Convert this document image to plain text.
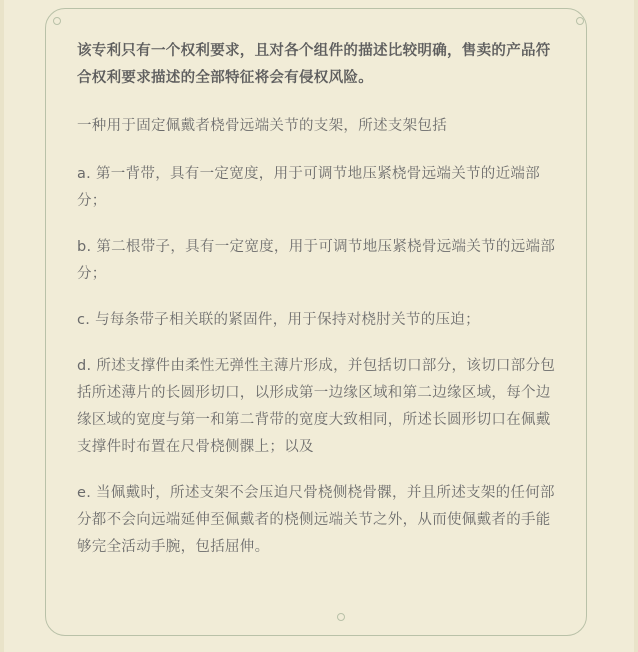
该专利只有一个权利要求，且对各个组件的描述比较明确，售卖的产品符合权利要求描述的全部特征将会有侵权风险。

一种用于固定佩戴者桡骨远端关节的支架，所述支架包括

a. 第一背带，具有一定宽度，用于可调节地压紧桡骨远端关节的近端部分；

b. 第二根带子，具有一定宽度，用于可调节地压紧桡骨远端关节的远端部分；

c. 与每条带子相关联的紧固件，用于保持对桡肘关节的压迫；

d. 所述支撑件由柔性无弹性主薄片形成，并包括切口部分，该切口部分包括所述薄片的长圆形切口，以形成第一边缘区域和第二边缘区域，每个边缘区域的宽度与第一和第二背带的宽度大致相同，所述长圆形切口在佩戴支撑件时布置在尺骨桡侧髁上；以及

e. 当佩戴时，所述支架不会压迫尺骨桡侧桡骨髁，并且所述支架的任何部分都不会向远端延伸至佩戴者的桡侧远端关节之外，从而使佩戴者的手能够完全活动手腕，包括屈伸。
